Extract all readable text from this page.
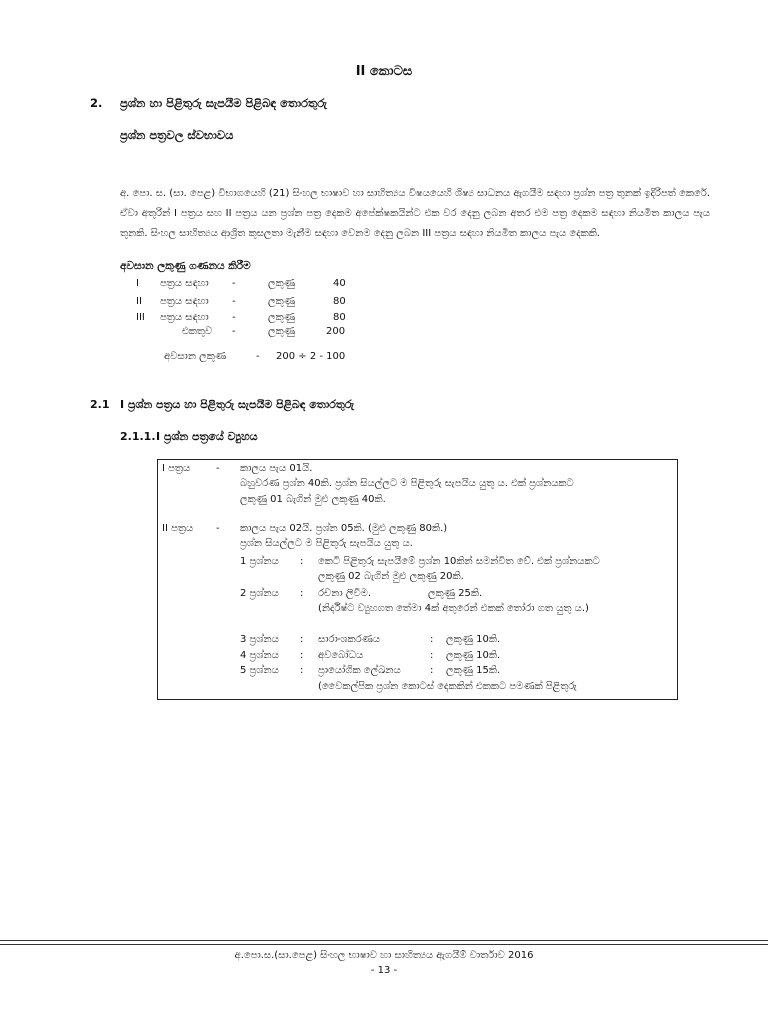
II කොටස
2. ප්‍රශ්න හා පිළිතුරු සැපයීම පිළිබඳ තොරතුරු
ප්‍රශ්න පත්‍රවල ස්වභාවය
අ. පො. ස. (සා. පෙළ) විභාගයෙහි (21) සිංහල භාෂාව හා සාහිත්‍යය විෂයයෙහි ශිෂ්‍ය සාධනය ඇගයීම සඳහා ප්‍රශ්න පත්‍ර තුනක් ඉදිරිපත් කෙරේ. ඒවා අතුරින් I පත්‍රය සහ II පත්‍රය යන ප්‍රශ්න පත්‍ර දෙකම අපේක්ෂකයින්ට එක වර දෙනු ලබන අතර එම පත්‍ර දෙකම සඳහා නියමිත කාලය පැය තුනකි. සිංහල සාහිත්‍යය ආශ්‍රිත කුසලතා මැනීම සඳහා වෙනම දෙනු ලබන III පත්‍රය සඳහා නියමිත කාලය පැය දෙකකි.
අවසාන ලකුණු ගණනය කිරීම
I පත්‍රය සඳහා -	ලකුණු	40
II පත්‍රය සඳහා -	ලකුණු	80
III පත්‍රය සඳහා -	ලකුණු	80
එකතුව -	ලකුණු	200
අවසාන ලකුණ	- 200 ÷ 2 - 100
2.1 I ප්‍රශ්න පත්‍රය හා පිළිතුරු සැපයීම පිළිබඳ තොරතුරු
2.1.1. I ප්‍රශ්න පත්‍රයේ ව්‍යුහය
I පත්‍රය	- කාලය පැය 01යි.
බහුවරණ ප්‍රශ්න 40කි. ප්‍රශ්න සියල්ලට ම පිළිතුරු සැපයිය යුතු ය. එක් ප්‍රශ්නයකට
ලකුණු 01 බැගින් මුළු ලකුණු 40කි.
II පත්‍රය - කාලය පැය 02යි. ප්‍රශ්න 05කි. (මුළු ලකුණු 80කි.)
ප්‍රශ්න සියල්ලට ම පිළිතුරු සැපයිය යුතු ය.
1 ප්‍රශ්නය : කෙටි පිළිතුරු සැපයීමේ ප්‍රශ්න 10කින් සමන්විත වේ. එක් ප්‍රශ්නයකට
ලකුණු 02 බැගින් මුළු ලකුණු 20කි.
2 ප්‍රශ්නය : රචනා ලිවීම.	ලකුණු 25කි.
(නිර්දිෂ්ට ව්‍යුහගත තේමා 4ක් අතුරෙන් එකක් තෝරා ගත යුතු ය.)
3 ප්‍රශ්නය : සාරාංශකරණය	: ලකුණු 10කි.
4 ප්‍රශ්නය : අවබෝධය	: ලකුණු 10කි.
5 ප්‍රශ්නය : ප්‍රායෝගික ලේඛනය	: ලකුණු 15කි.
(වෛකල්පික ප්‍රශ්න කොටස් දෙකකින් එකකට පමණක් පිළිතුරු
අ.පො.ස.(සා.පෙළ) සිංහල භාෂාව හා සාහිත්‍යය ඇගයීම් වාර්තාව 2016
- 13 -
